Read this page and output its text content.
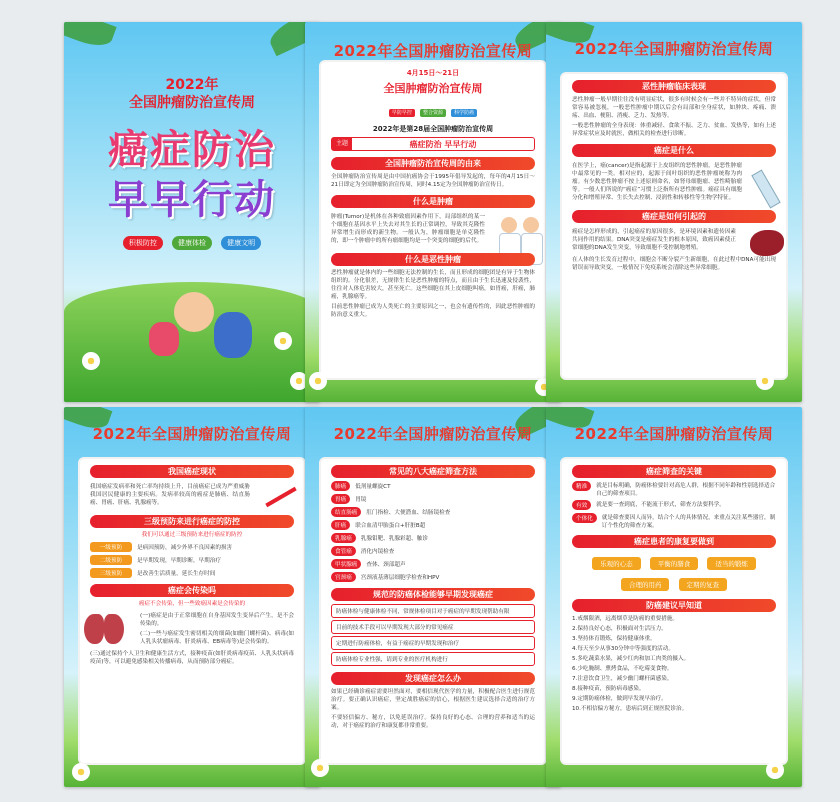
2022年
全国肿瘤防治宣传周
癌症防治
早早行动
积极防控	健康体检	健康文明
2022年全国肿瘤防治宣传周
4月15日～21日
全国肿瘤防治宣传周
早防早控 整合资源 科学防癌
2022年是第28届全国肿瘤防治宣传周
主题	癌症防治 早早行动
全国肿瘤防治宣传周的由来
全国肿瘤防治宣传周是由中国抗癌协会于1995年倡导发起的，每年的4月15日～21日即定为全国肿瘤防治宣传周，同时4.15定为全国肿瘤防治宣传日。
什么是肿瘤
肿瘤(Tumor)是机体在各种致瘤因素作用下，局部组织的某一个细胞在基因水平上失去对其生长的正常调控，导致其克隆性异常增生而形成的新生物。一般认为，肿瘤细胞是单克隆性的，即一个肿瘤中的所有瘤细胞均是一个突变的细胞的后代。
什么是恶性肿瘤
恶性肿瘤就是体内的一些细胞无法控制的生长，而且形成的细胞团是有异于生物体组织的。分化很差，无规律生长是恶性肿瘤的特点，而且由于生长迅速及侵袭性，往往对人体危害较大，甚至死亡。这些细胞在其上皮细胞叫癌，如胃癌，肝癌，肺癌，乳腺癌等。
目前恶性肿瘤已成为人类死亡的主要原因之一，也会有遗传性的，因此恶性肿瘤的防治意义重大。
2022年全国肿瘤防治宣传周
恶性肿瘤临床表现
恶性肿瘤一般早期往往没有明显症状，很多有时候会有一些并不特异的症状，但常常容易被忽视，一般恶性肿瘤中期以后会有局部和全身症状，如肿块、疼痛、溃疡、出血、梗阻、消瘦、乏力、发热等。
一般恶性肿瘤的全身表现：体重减轻、食欲不振、乏力、贫血、发热等，如有上述异常症状应及时就医，做相关的检查进行诊断。
癌症是什么
在医学上，癌(cancer)是指起源于上皮组织的恶性肿瘤，是恶性肿瘤中最常见的一类。相对应的，起源于间叶组织的恶性肿瘤统称为肉瘤。有少数恶性肿瘤不按上述原则命名，如肾母细胞瘤、恶性畸胎瘤等。一般人们所说的“癌症”习惯上泛指所有恶性肿瘤。癌症具有细胞分化和增殖异常、生长失去控制、浸润性和转移性等生物学特征。
癌症是如何引起的
癌症是怎样形成的，引起癌症的原因很多，是环境因素和遗传因素共同作用的结果。DNA突变是癌症发生的根本原因，致癌因素使正常细胞的DNA发生突变，导致细胞不受控制地增殖。
在人体的生长发育过程中，细胞会不断分裂产生新细胞，在此过程中DNA可能出现错误而导致突变，一般情况下免疫系统会清除这些异常细胞。
2022年全国肿瘤防治宣传周
我国癌症现状
我国癌症发病率和死亡率均持续上升，目前癌症已成为严重威胁我国居民健康的主要疾病。发病率较高的癌症是肺癌、结直肠癌、胃癌、肝癌、乳腺癌等。
三级预防来进行癌症的防控
我们可以通过三级预防来进行癌症的防控
一级预防	是病因预防，减少外界不良因素的损害
二级预防	是早期发现，早期诊断，早期治疗
三级预防	是改善生活质量，延长生存时间
癌症会传染吗
癌症不会传染，但一些致癌因素是会传染的
(一)癌症是由于正常细胞在自身基因发生变异后产生，是不会传染的。
(二)一些与癌症发生密切相关的细菌(如幽门螺杆菌)、病毒(如人乳头状瘤病毒、肝炎病毒、EB病毒等)是会传染的。
(三)通过保持个人卫生和健康生活方式，接种疫苗(如肝炎病毒疫苗、人乳头状病毒疫苗)等，可以避免感染相关传播病毒，从而预防部分癌症。
2022年全国肿瘤防治宣传周
常见的八大癌症筛查方法
肺癌	低剂量螺旋CT
胃癌	胃镜
结直肠癌	肛门指检、大便潜血、结肠镜检查
肝癌	联合血清甲胎蛋白+肝脏B超
乳腺癌	乳腺钼靶、乳腺彩超、触诊
食管癌	消化内镜检查
甲状腺癌	查体、颈部超声
宫颈癌	宫颈液基薄层细胞学检查和HPV
规范的防癌体检能够早期发现癌症
防癌体检与健康体检不同，常规体检项目对于癌症的早期发现帮助有限
目前的技术手段可以早期发现大部分的常见癌症
定期进行防癌体检，有益于癌症的早期发现和治疗
防癌体检专业性强，请到专业的医疗机构进行
发现癌症怎么办
如果已经确诊癌症需要坦然面对，要相信现代医学的力量，积极配合医生进行规范治疗。要正确认识癌症，坚定战胜癌症的信心，根据医生建议选择合适的治疗方案。
不要轻信偏方、秘方，以免延误治疗。保持良好的心态、合理的营养和适当的运动，对于癌症的治疗和康复都非常重要。
2022年全国肿瘤防治宣传周
癌症筛查的关键
精准	就是目标明确，防癌体检要针对高危人群，根据不同年龄和性别选择适合自己的筛查项目。
有效	就是要一查到底，不能流于形式，筛查方法要科学。
个体化	就是筛查要因人而异，结合个人的具体情况，来重点关注某些器官，制订个性化的筛查方案。
癌症患者的康复要做到
乐观的心态	平衡的膳食	适当的锻炼 合理的用药	定期的复查
防癌建议早知道
1.戒烟限酒，远离烟草是防癌的重要措施。
2.保持良好心态，积极面对生活压力。
3.坚持体育锻炼，保持健康体重。
4.每天至少从事30分钟中等强度的活动。
5.多吃蔬菜水果，减少红肉和加工肉类的摄入。
6.少吃腌制、熏烤食品，不吃霉变食物。
7.注意饮食卫生，减少幽门螺杆菌感染。
8.接种疫苗，预防病毒感染。
9.定期防癌体检，做到早发现早治疗。
10.不相信偏方秘方，患病后到正规医院诊治。
